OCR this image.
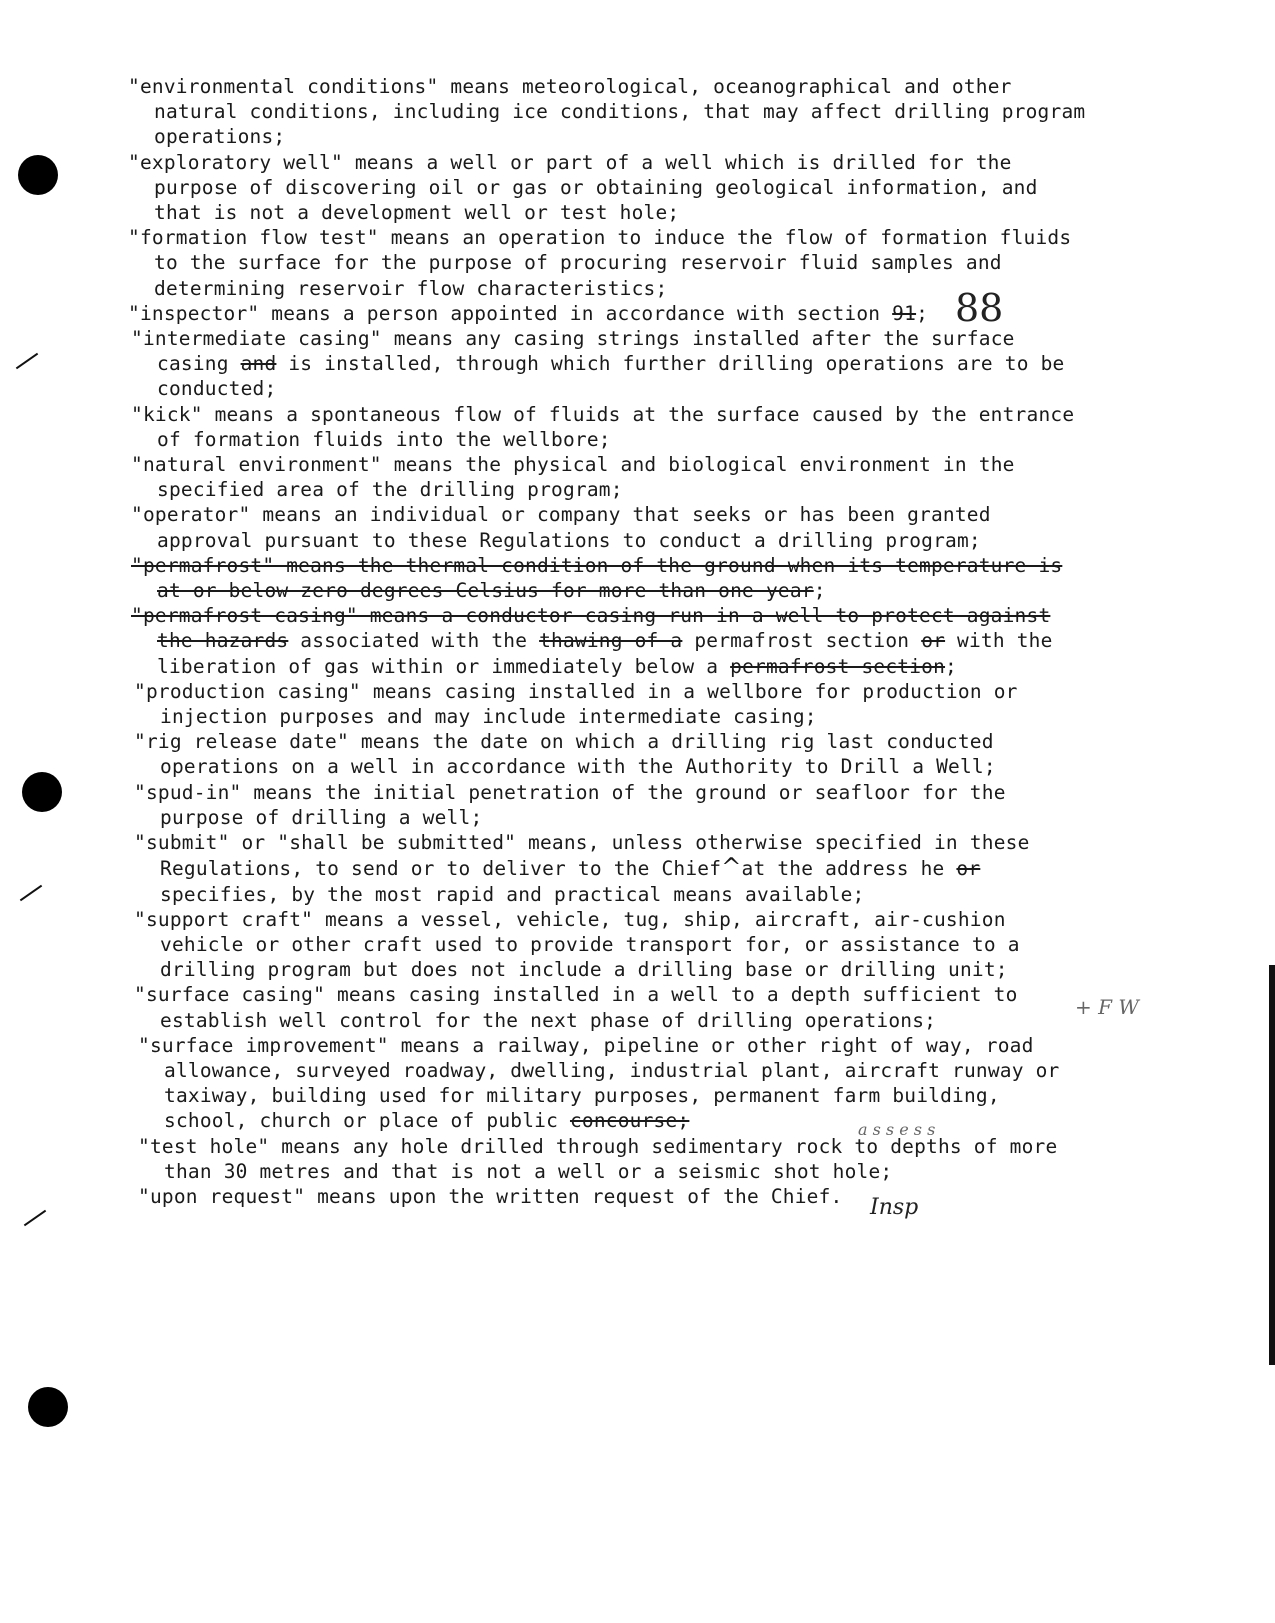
88
+ F W
a s s e s s
Insp

"environmental conditions" means meteorological, oceanographical and other natural conditions, including ice conditions, that may affect drilling program operations;

"exploratory well" means a well or part of a well which is drilled for the purpose of discovering oil or gas or obtaining geological information, and that is not a development well or test hole;

"formation flow test" means an operation to induce the flow of formation fluids to the surface for the purpose of procuring reservoir fluid samples and determining reservoir flow characteristics;

"inspector" means a person appointed in accordance with section 91;

"intermediate casing" means any casing strings installed after the surface casing and is installed, through which further drilling operations are to be conducted;

"kick" means a spontaneous flow of fluids at the surface caused by the entrance of formation fluids into the wellbore;

"natural environment" means the physical and biological environment in the specified area of the drilling program;

"operator" means an individual or company that seeks or has been granted approval pursuant to these Regulations to conduct a drilling program;

"permafrost" means the thermal condition of the ground when its temperature is at or below zero degrees Celsius for more than one year;

"permafrost casing" means a conductor casing run in a well to protect against the hazards associated with the thawing of a permafrost section or with the liberation of gas within or immediately below a permafrost section;

"production casing" means casing installed in a wellbore for production or injection purposes and may include intermediate casing;

"rig release date" means the date on which a drilling rig last conducted operations on a well in accordance with the Authority to Drill a Well;

"spud-in" means the initial penetration of the ground or seafloor for the purpose of drilling a well;

"submit" or "shall be submitted" means, unless otherwise specified in these Regulations, to send or to deliver to the Chief^at the address he or specifies, by the most rapid and practical means available;

"support craft" means a vessel, vehicle, tug, ship, aircraft, air-cushion vehicle or other craft used to provide transport for, or assistance to a drilling program but does not include a drilling base or drilling unit;

"surface casing" means casing installed in a well to a depth sufficient to establish well control for the next phase of drilling operations;

"surface improvement" means a railway, pipeline or other right of way, road allowance, surveyed roadway, dwelling, industrial plant, aircraft runway or taxiway, building used for military purposes, permanent farm building, school, church or place of public concourse;

"test hole" means any hole drilled through sedimentary rock to depths of more than 30 metres and that is not a well or a seismic shot hole;

"upon request" means upon the written request of the Chief.
